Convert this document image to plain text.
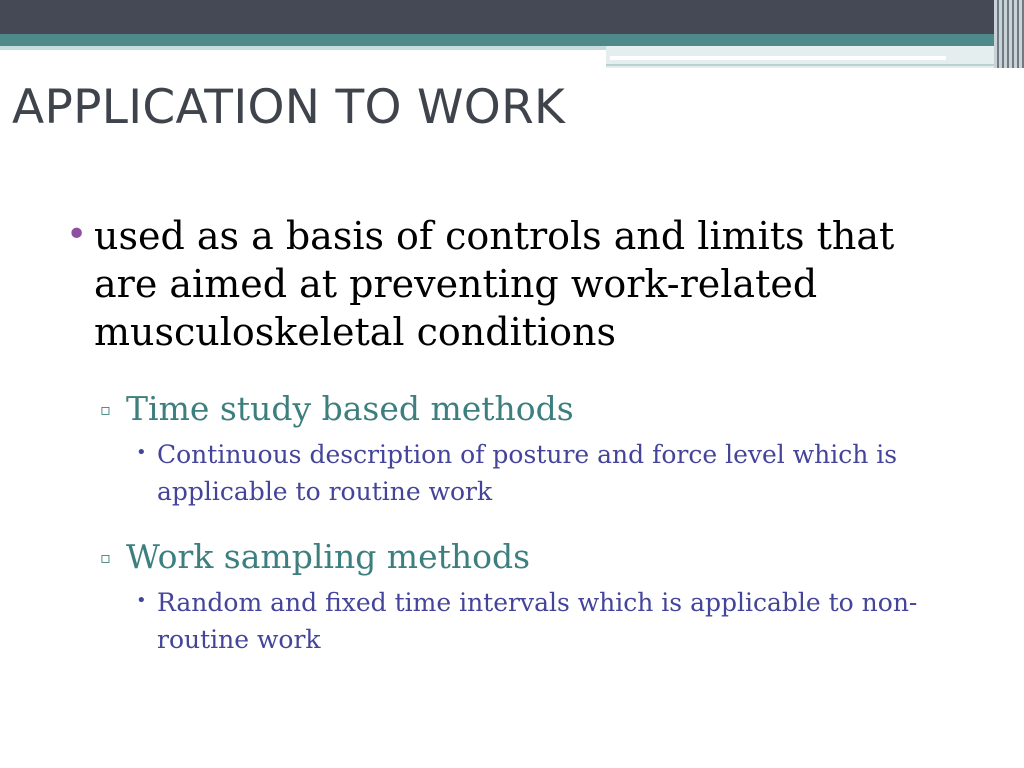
APPLICATION TO WORK
• used as a basis of controls and limits that are aimed at preventing work-related musculoskeletal conditions
▫ Time study based methods
• Continuous description of posture and force level which is applicable to routine work
▫ Work sampling methods
• Random and fixed time intervals which is applicable to non-routine work
